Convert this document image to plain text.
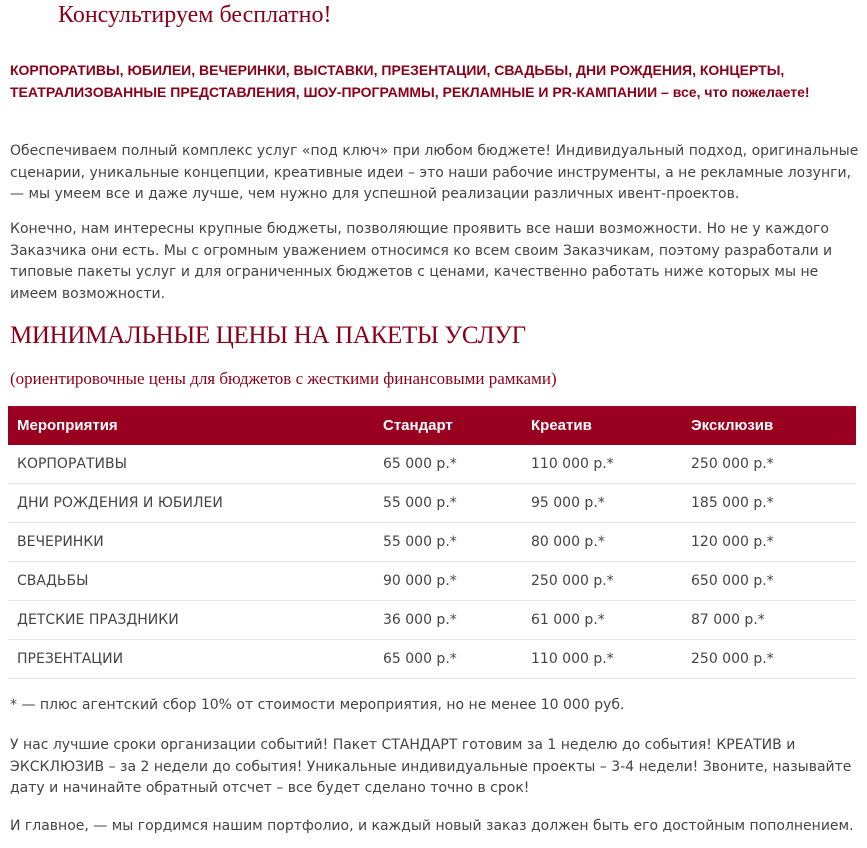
Консультируем бесплатно!

КОРПОРАТИВЫ, ЮБИЛЕИ, ВЕЧЕРИНКИ, ВЫСТАВКИ, ПРЕЗЕНТАЦИИ, СВАДЬБЫ, ДНИ РОЖДЕНИЯ, КОНЦЕРТЫ, ТЕАТРАЛИЗОВАННЫЕ ПРЕДСТАВЛЕНИЯ, ШОУ-ПРОГРАММЫ, РЕКЛАМНЫЕ И PR-КАМПАНИИ – все, что пожелаете!

Обеспечиваем полный комплекс услуг «под ключ» при любом бюджете! Индивидуальный подход, оригинальные сценарии, уникальные концепции, креативные идеи – это наши рабочие инструменты, а не рекламные лозунги, — мы умеем все и даже лучше, чем нужно для успешной реализации различных ивент-проектов.

Конечно, нам интересны крупные бюджеты, позволяющие проявить все наши возможности. Но не у каждого Заказчика они есть. Мы с огромным уважением относимся ко всем своим Заказчикам, поэтому разработали и типовые пакеты услуг и для ограниченных бюджетов с ценами, качественно работать ниже которых мы не имеем возможности.

МИНИМАЛЬНЫЕ ЦЕНЫ НА ПАКЕТЫ УСЛУГ

(ориентировочные цены для бюджетов с жесткими финансовыми рамками)

Мероприятия	Стандарт	Креатив	Эксклюзив
КОРПОРАТИВЫ	65 000 р.*	110 000 р.*	250 000 р.*
ДНИ РОЖДЕНИЯ И ЮБИЛЕИ	55 000 р.*	95 000 р.*	185 000 р.*
ВЕЧЕРИНКИ	55 000 р.*	80 000 р.*	120 000 р.*
СВАДЬБЫ	90 000 р.*	250 000 р.*	650 000 р.*
ДЕТСКИЕ ПРАЗДНИКИ	36 000 р.*	61 000 р.*	87 000 р.*
ПРЕЗЕНТАЦИИ	65 000 р.*	110 000 р.*	250 000 р.*

* — плюс агентский сбор 10% от стоимости мероприятия, но не менее 10 000 руб.

У нас лучшие сроки организации событий! Пакет СТАНДАРТ готовим за 1 неделю до события! КРЕАТИВ и ЭКСКЛЮЗИВ – за 2 недели до события! Уникальные индивидуальные проекты – 3-4 недели! Звоните, называйте дату и начинайте обратный отсчет – все будет сделано точно в срок!

И главное, — мы гордимся нашим портфолио, и каждый новый заказ должен быть его достойным пополнением.
